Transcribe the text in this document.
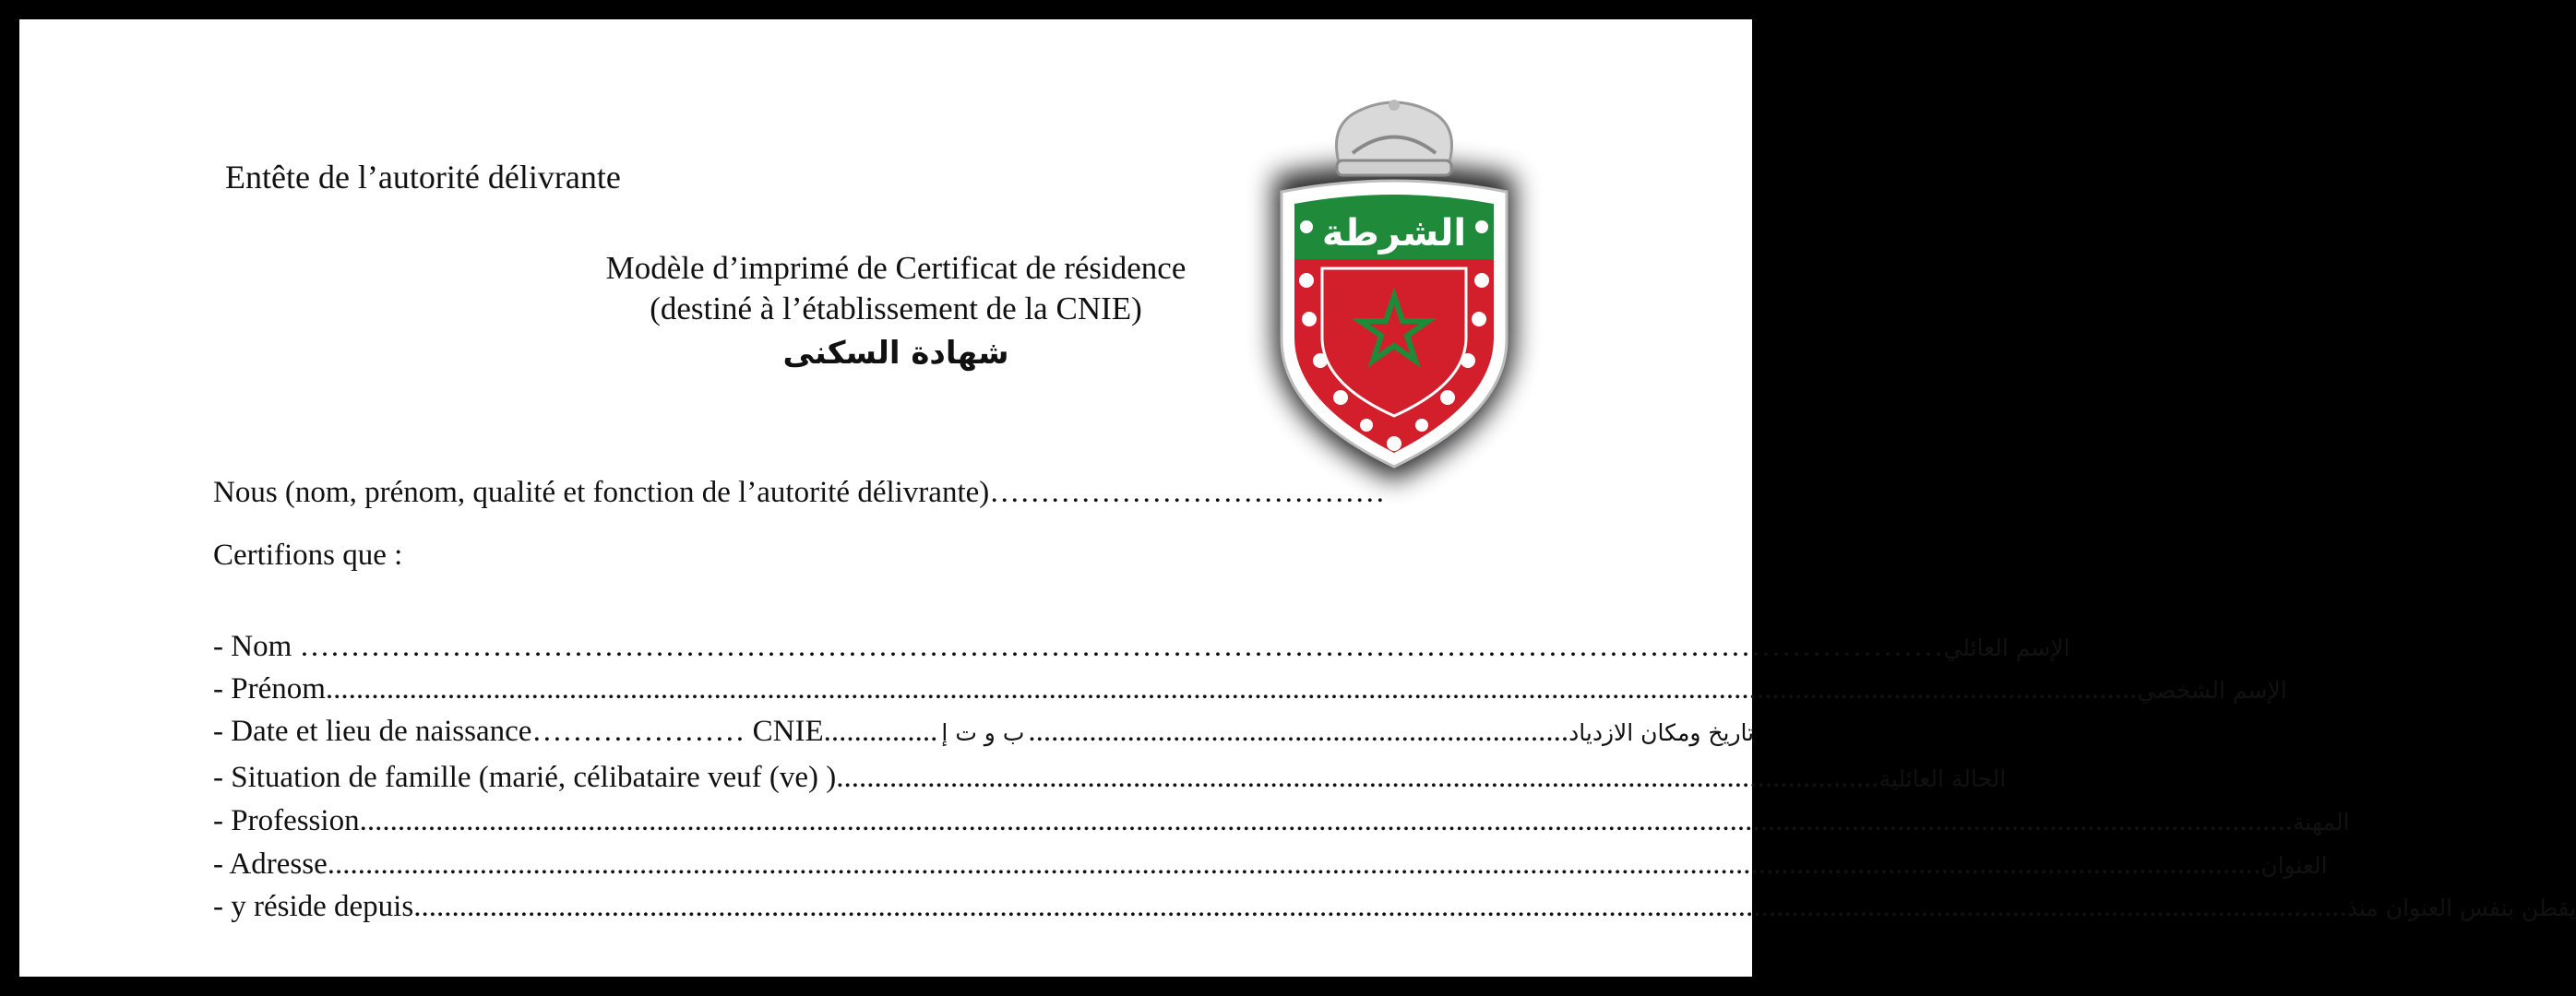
Entête de l’autorité délivrante
Modèle d’imprimé de Certificat de résidence
(destiné à l’établissement de la CNIE)
شهادة السكنى
الشرطة
Nous (nom, prénom, qualité et fonction de l’autorité délivrante)…………………………………
Certifions que :
- Nom ……………………………………………………………………………………………………………………………………………… الإسم العائلي
- Prénom .............................................................................................................................................................................................................................................. الإسم الشخصي
- Date et lieu de naissance ………………… CNIE ............... ب و ت إ ....................................................................... تاريخ ومكان الازدياد
- Situation de famille (marié, célibataire veuf (ve) ) ......................................................................................................................................... الحالة العائلية
- Profession .............................................................................................................................................................................................................................................................. المهنة
- Adresse .............................................................................................................................................................................................................................................................. العنوان
- y réside depuis .............................................................................................................................................................................................................................................................. يقطن بنفس العنوان منذ
